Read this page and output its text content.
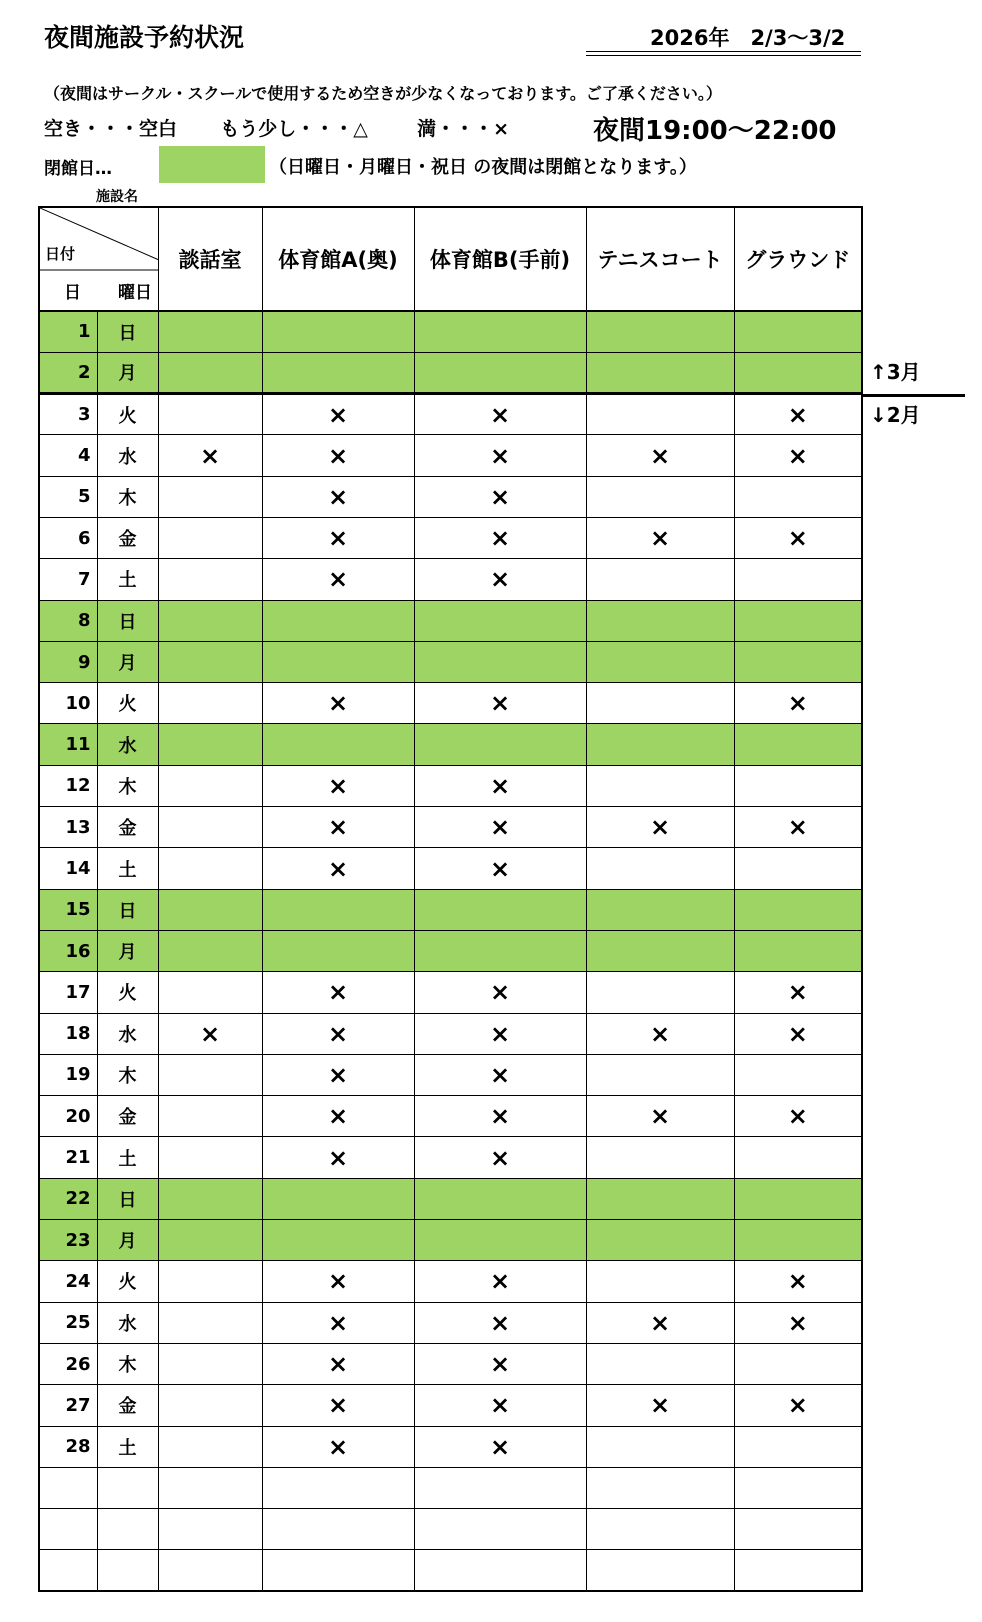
夜間施設予約状況	2026年　2/3〜3/2
（夜間はサークル・スクールで使用するため空きが少なくなっております。ご了承ください。）
空き・・・空白 もう少し・・・△	満・・・×	夜間19:00〜22:00
閉館日…	（日曜日・月曜日・祝日 の夜間は閉館となります。）
施設名
日付
日 曜日		談話室	体育館A(奥)	体育館B(手前)	テニスコート	グラウンド
1	日					
2	月					
3	火		×	×		×
4	水	×	×	×	×	×
5	木		×	×		
6	金		×	×	×	×
7	土		×	×		
8	日					
9	月					
10	火		×	×		×
11	水					
12	木		×	×		
13	金		×	×	×	×
14	土		×	×		
15	日					
16	月					
17	火		×	×		×
18	水	×	×	×	×	×
19	木		×	×		
20	金		×	×	×	×
21	土		×	×		
22	日					
23	月					
24	火		×	×		×
25	水		×	×	×	×
26	木		×	×		
27	金		×	×	×	×
28	土		×	×		

↑3月
↓2月
